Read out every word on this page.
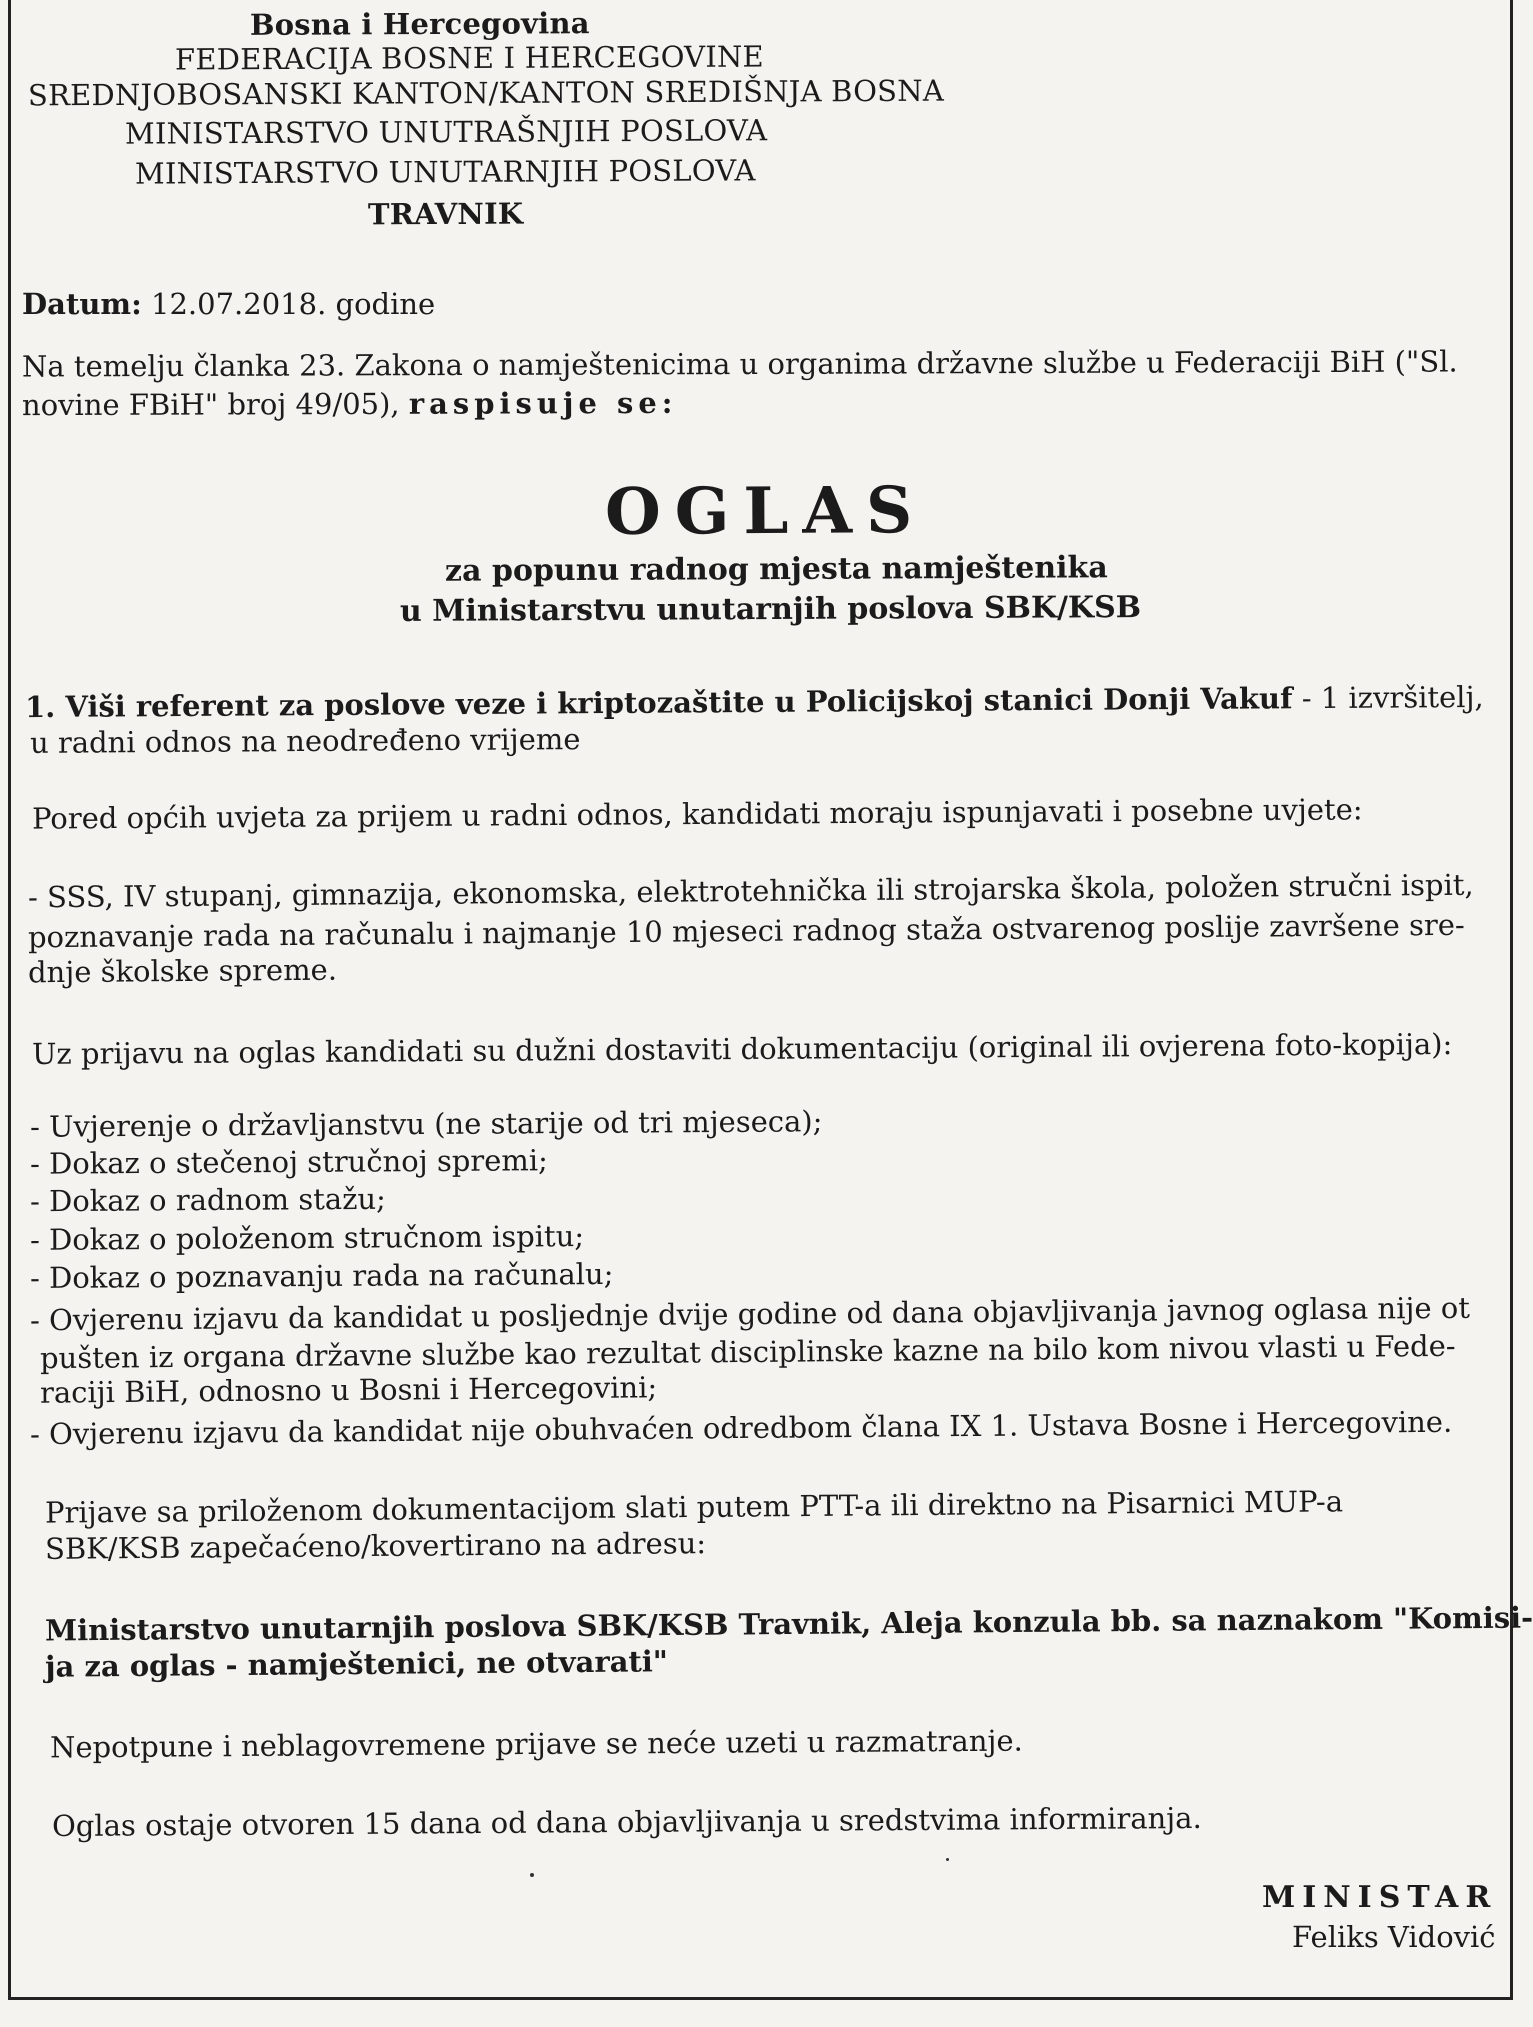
Bosna i Hercegovina
FEDERACIJA BOSNE I HERCEGOVINE
SREDNJOBOSANSKI KANTON/KANTON SREDIŠNJA BOSNA
MINISTARSTVO UNUTRAŠNJIH POSLOVA
MINISTARSTVO UNUTARNJIH POSLOVA
TRAVNIK
Datum: 12.07.2018. godine
Na temelju članka 23. Zakona o namještenicima u organima državne službe u Federaciji BiH ("Sl.
novine FBiH" broj 49/05), raspisuje se:
OGLAS
za popunu radnog mjesta namještenika
u Ministarstvu unutarnjih poslova SBK/KSB
1. Viši referent za poslove veze i kriptozaštite u Policijskoj stanici Donji Vakuf - 1 izvršitelj,
u radni odnos na neodređeno vrijeme
Pored općih uvjeta za prijem u radni odnos, kandidati moraju ispunjavati i posebne uvjete:
- SSS, IV stupanj, gimnazija, ekonomska, elektrotehnička ili strojarska škola, položen stručni ispit,
poznavanje rada na računalu i najmanje 10 mjeseci radnog staža ostvarenog poslije završene sre-
dnje školske spreme.
Uz prijavu na oglas kandidati su dužni dostaviti dokumentaciju (original ili ovjerena foto-kopija):
- Uvjerenje o državljanstvu (ne starije od tri mjeseca);
- Dokaz o stečenoj stručnoj spremi;
- Dokaz o radnom stažu;
- Dokaz o položenom stručnom ispitu;
- Dokaz o poznavanju rada na računalu;
- Ovjerenu izjavu da kandidat u posljednje dvije godine od dana objavljivanja javnog oglasa nije ot
pušten iz organa državne službe kao rezultat disciplinske kazne na bilo kom nivou vlasti u Fede-
raciji BiH, odnosno u Bosni i Hercegovini;
- Ovjerenu izjavu da kandidat nije obuhvaćen odredbom člana IX 1. Ustava Bosne i Hercegovine.
Prijave sa priloženom dokumentacijom slati putem PTT-a ili direktno na Pisarnici MUP-a
SBK/KSB zapečaćeno/kovertirano na adresu:
Ministarstvo unutarnjih poslova SBK/KSB Travnik, Aleja konzula bb. sa naznakom "Komisi-
ja za oglas - namještenici, ne otvarati"
Nepotpune i neblagovremene prijave se neće uzeti u razmatranje.
Oglas ostaje otvoren 15 dana od dana objavljivanja u sredstvima informiranja.
MINISTAR
Feliks Vidović
